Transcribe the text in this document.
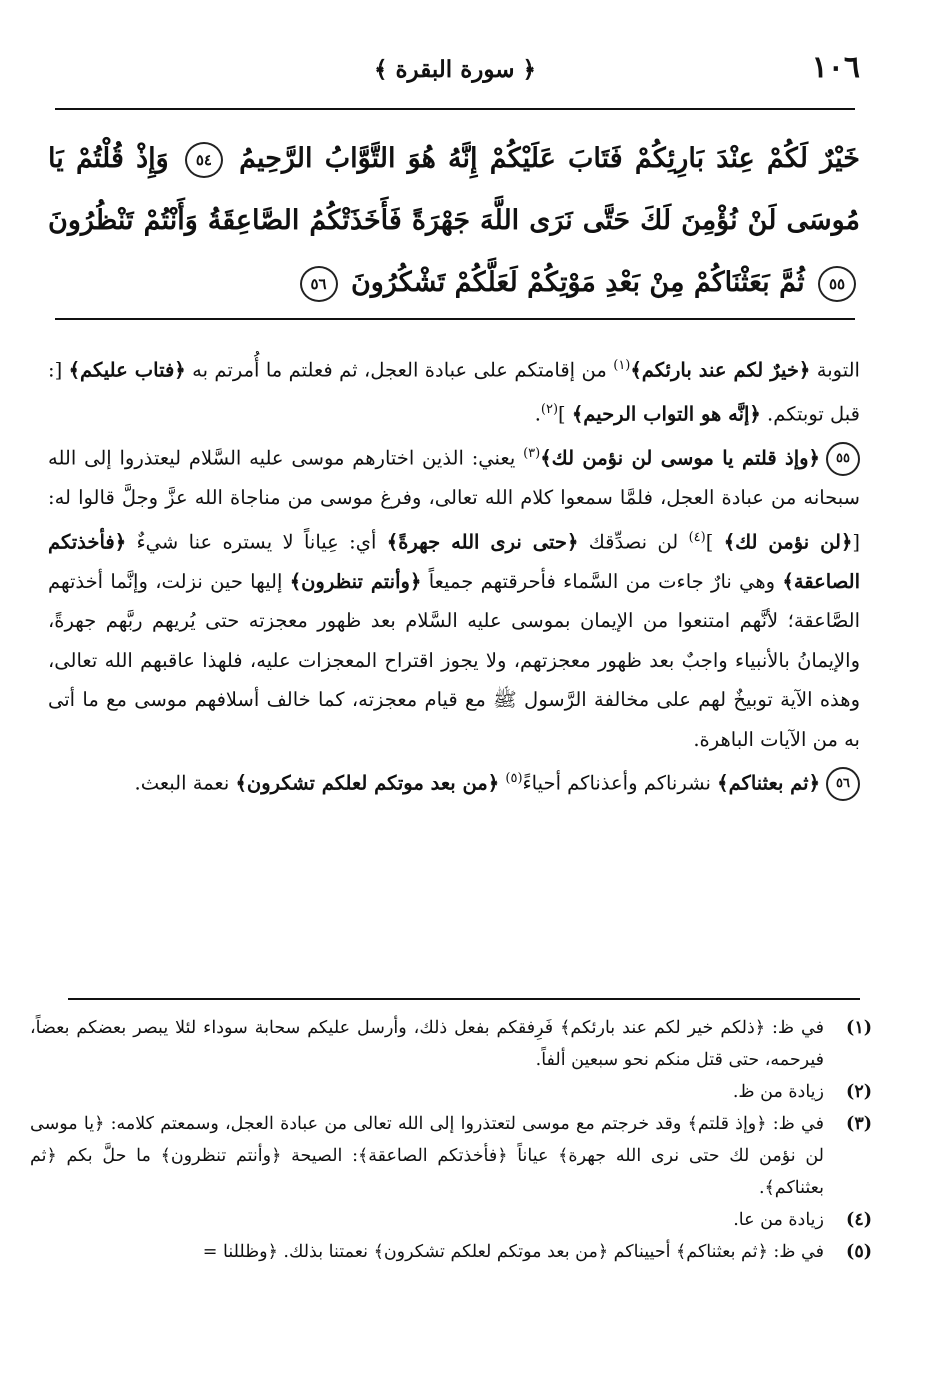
١٠٦
﴿ سورة البقرة ﴾
خَيْرٌ لَكُمْ عِنْدَ بَارِئِكُمْ فَتَابَ عَلَيْكُمْ إِنَّهُ هُوَ التَّوَّابُ الرَّحِيمُ ٥٤ وَإِذْ قُلْتُمْ يَا مُوسَى لَنْ نُؤْمِنَ لَكَ حَتَّى نَرَى اللَّهَ جَهْرَةً فَأَخَذَتْكُمُ الصَّاعِقَةُ وَأَنْتُمْ تَنْظُرُونَ ٥٥ ثُمَّ بَعَثْنَاكُمْ مِنْ بَعْدِ مَوْتِكُمْ لَعَلَّكُمْ تَشْكُرُونَ ٥٦

التوبة ﴿خيرٌ لكم عند بارئكم﴾$^{(١)}$ من إقامتكم على عبادة العجل، ثم فعلتم ما أُمرتم به ﴿فتاب عليكم﴾ [: قبل توبتكم. ﴿إنَّه هو التواب الرحيم﴾ ]$^{(٢)}$.

٥٥﴿وإذ قلتم يا موسى لن نؤمن لك﴾$^{(٣)}$ يعني: الذين اختارهم موسى عليه السَّلام ليعتذروا إلى الله سبحانه من عبادة العجل، فلمَّا سمعوا كلام الله تعالى، وفرغ موسى من مناجاة الله عزَّ وجلَّ قالوا له: [﴿لن نؤمن لك﴾ ]$^{(٤)}$ لن نصدِّقك ﴿حتى نرى الله جهرةً﴾ أي: عِياناً لا يستره عنا شيءٌ ﴿فأخذتكم الصاعقة﴾ وهي نارٌ جاءت من السَّماء فأحرقتهم جميعاً ﴿وأنتم تنظرون﴾ إليها حين نزلت، وإنَّما أخذتهم الصَّاعقة؛ لأنَّهم امتنعوا من الإيمان بموسى عليه السَّلام بعد ظهور معجزته حتى يُريهم ربَّهم جهرةً، والإيمانُ بالأنبياء واجبٌ بعد ظهور معجزتهم، ولا يجوز اقتراح المعجزات عليه، فلهذا عاقبهم الله تعالى، وهذه الآية توبيخٌ لهم على مخالفة الرَّسول ﷺ مع قيام معجزته، كما خالف أسلافهم موسى مع ما أتى به من الآيات الباهرة.

٥٦﴿ثم بعثناكم﴾ نشرناكم وأعذناكم أحياءً$^{(٥)}$ ﴿من بعد موتكم لعلكم تشكرون﴾ نعمة البعث.

(١)
في ظ: ﴿ذلكم خير لكم عند بارئكم﴾ فَرِفقكم بفعل ذلك، وأرسل عليكم سحابة سوداء لئلا يبصر بعضكم بعضاً، فيرحمه، حتى قتل منكم نحو سبعين ألفاً.
(٢)
زيادة من ظ.
(٣)
في ظ: ﴿وإذ قلتم﴾ وقد خرجتم مع موسى لتعتذروا إلى الله تعالى من عبادة العجل، وسمعتم كلامه: ﴿يا موسى لن نؤمن لك حتى نرى الله جهرة﴾ عياناً ﴿فأخذتكم الصاعقة﴾: الصيحة ﴿وأنتم تنظرون﴾ ما حلَّ بكم ﴿ثم بعثناكم﴾.
(٤)
زيادة من عا.
(٥)
في ظ: ﴿ثم بعثناكم﴾ أحييناكم ﴿من بعد موتكم لعلكم تشكرون﴾ نعمتنا بذلك. ﴿وظللنا =
